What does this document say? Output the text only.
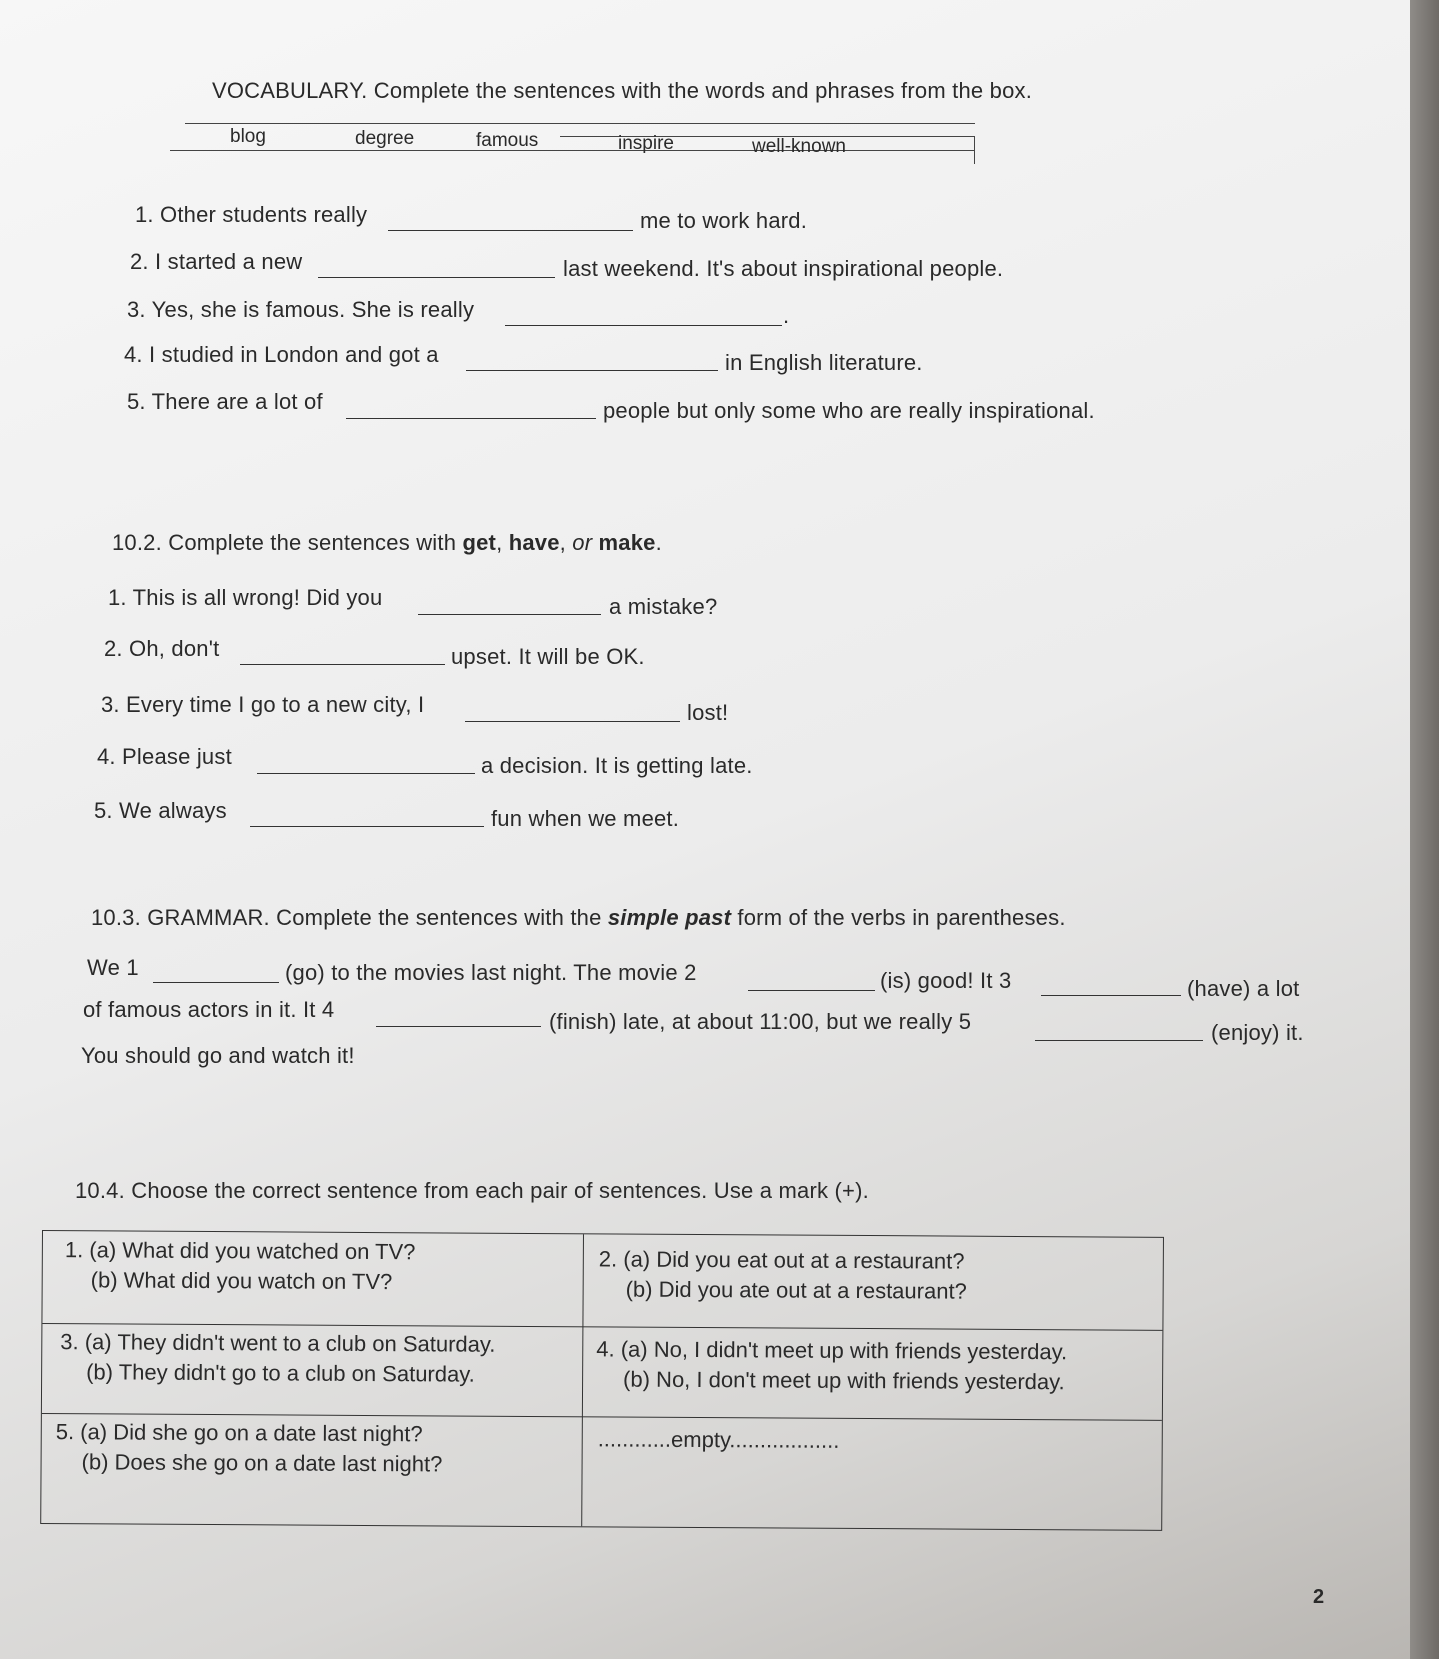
VOCABULARY. Complete the sentences with the words and phrases from the box.
blog	degree	famous	inspire	well-known
1. Other students really	me to work hard.
2. I started a new	last weekend. It's about inspirational people.
3. Yes, she is famous. She is really	.
4. I studied in London and got a	in English literature.
5. There are a lot of	people but only some who are really inspirational.
10.2. Complete the sentences with get, have, or make.
1. This is all wrong! Did you	a mistake?
2. Oh, don't	upset. It will be OK.
3. Every time I go to a new city, I	lost!
4. Please just	a decision. It is getting late.
5. We always	fun when we meet.
10.3. GRAMMAR. Complete the sentences with the simple past form of the verbs in parentheses.
We 1	(go) to the movies last night. The movie 2	(is) good! It 3	(have) a lot
of famous actors in it. It 4	(finish) late, at about 11:00, but we really 5	(enjoy) it.
You should go and watch it!
10.4. Choose the correct sentence from each pair of sentences. Use a mark (+).
1. (a) What did you watched on TV?
(b) What did you watch on TV?
2. (a) Did you eat out at a restaurant?
(b) Did you ate out at a restaurant?
3. (a) They didn't went to a club on Saturday.
(b) They didn't go to a club on Saturday.
4. (a) No, I didn't meet up with friends yesterday.
(b) No, I don't meet up with friends yesterday.
5. (a) Did she go on a date last night?
(b) Does she go on a date last night?
............empty..................
2
